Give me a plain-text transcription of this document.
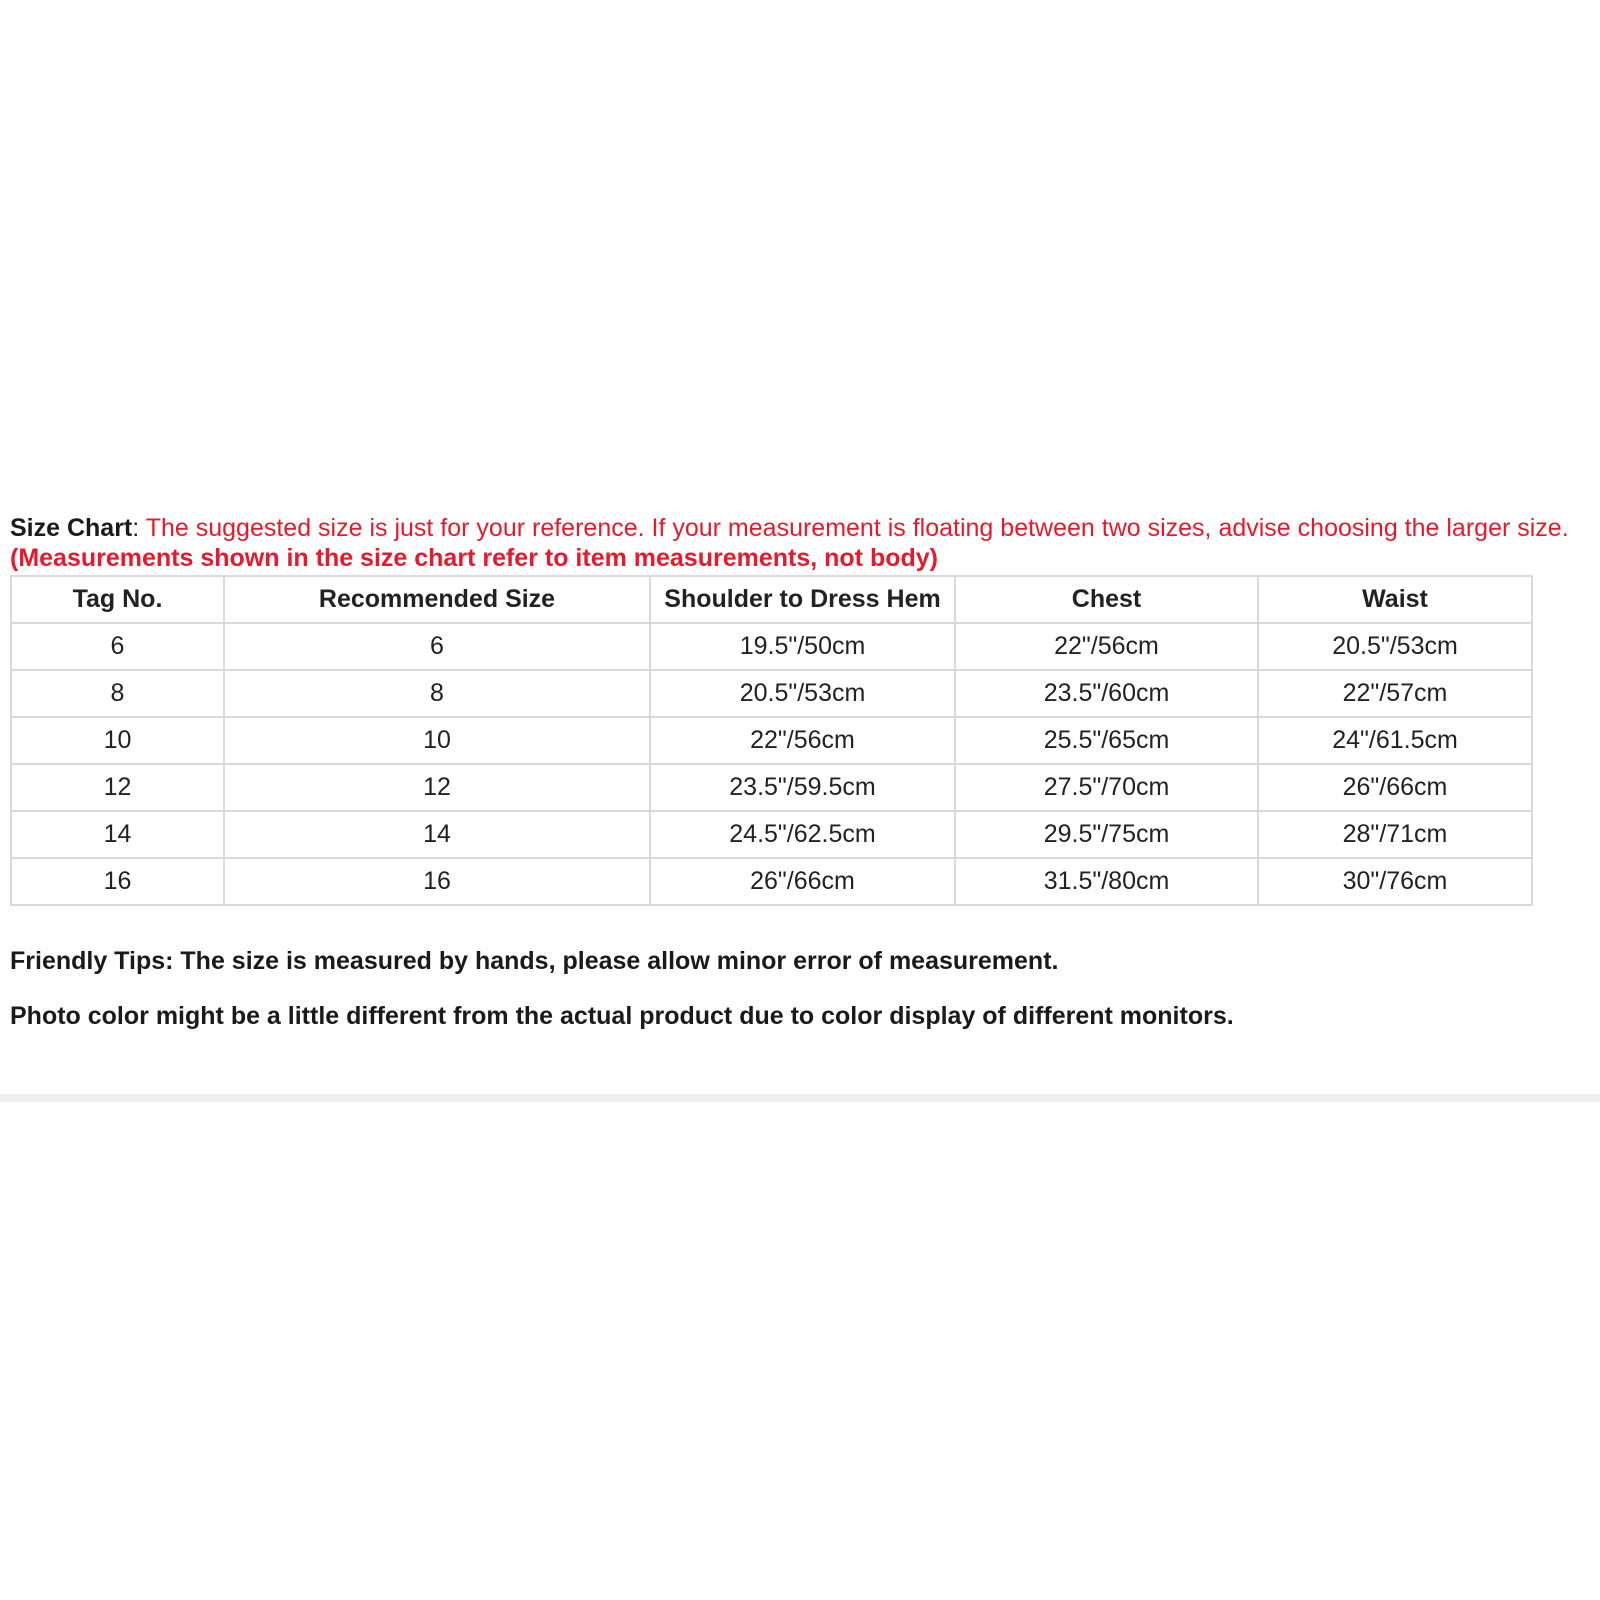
Size Chart: The suggested size is just for your reference. If your measurement is floating between two sizes, advise choosing the larger size.

(Measurements shown in the size chart refer to item measurements, not body)

Tag No.	Recommended Size	Shoulder to Dress Hem	Chest	Waist
6	6	19.5"/50cm	22"/56cm	20.5"/53cm
8	8	20.5"/53cm	23.5"/60cm	22"/57cm
10	10	22"/56cm	25.5"/65cm	24"/61.5cm
12	12	23.5"/59.5cm	27.5"/70cm	26"/66cm
14	14	24.5"/62.5cm	29.5"/75cm	28"/71cm
16	16	26"/66cm	31.5"/80cm	30"/76cm

Friendly Tips: The size is measured by hands, please allow minor error of measurement.

Photo color might be a little different from the actual product due to color display of different monitors.
